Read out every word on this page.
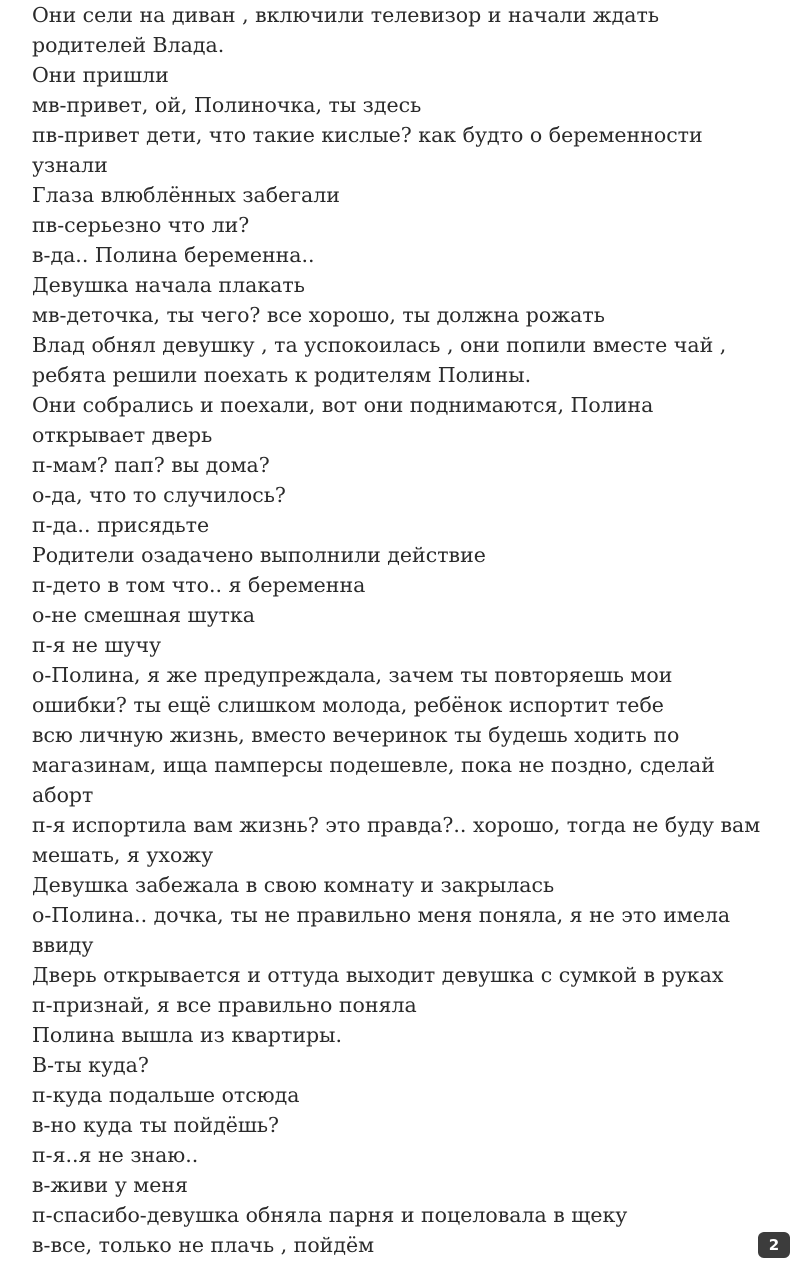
Они сели на диван , включили телевизор и начали ждать

родителей Влада.

Они пришли

мв-привет, ой, Полиночка, ты здесь

пв-привет дети, что такие кислые? как будто о беременности

узнали

Глаза влюблённых забегали

пв-серьезно что ли?

в-да.. Полина беременна..

Девушка начала плакать

мв-деточка, ты чего? все хорошо, ты должна рожать

Влад обнял девушку , та успокоилась , они попили вместе чай ,

ребята решили поехать к родителям Полины.

Они собрались и поехали, вот они поднимаются, Полина

открывает дверь

п-мам? пап? вы дома?

о-да, что то случилось?

п-да.. присядьте

Родители озадачено выполнили действие

п-дето в том что.. я беременна

о-не смешная шутка

п-я не шучу

о-Полина, я же предупреждала, зачем ты повторяешь мои

ошибки? ты ещё слишком молода, ребёнок испортит тебе

всю личную жизнь, вместо вечеринок ты будешь ходить по

магазинам, ища памперсы подешевле, пока не поздно, сделай

аборт

п-я испортила вам жизнь? это правда?.. хорошо, тогда не буду вам

мешать, я ухожу

Девушка забежала в свою комнату и закрылась

о-Полина.. дочка, ты не правильно меня поняла, я не это имела

ввиду

Дверь открывается и оттуда выходит девушка с сумкой в руках

п-признай, я все правильно поняла

Полина вышла из квартиры.

В-ты куда?

п-куда подальше отсюда

в-но куда ты пойдёшь?

п-я..я не знаю..

в-живи у меня

п-спасибо-девушка обняла парня и поцеловала в щеку

в-все, только не плачь , пойдём	2
